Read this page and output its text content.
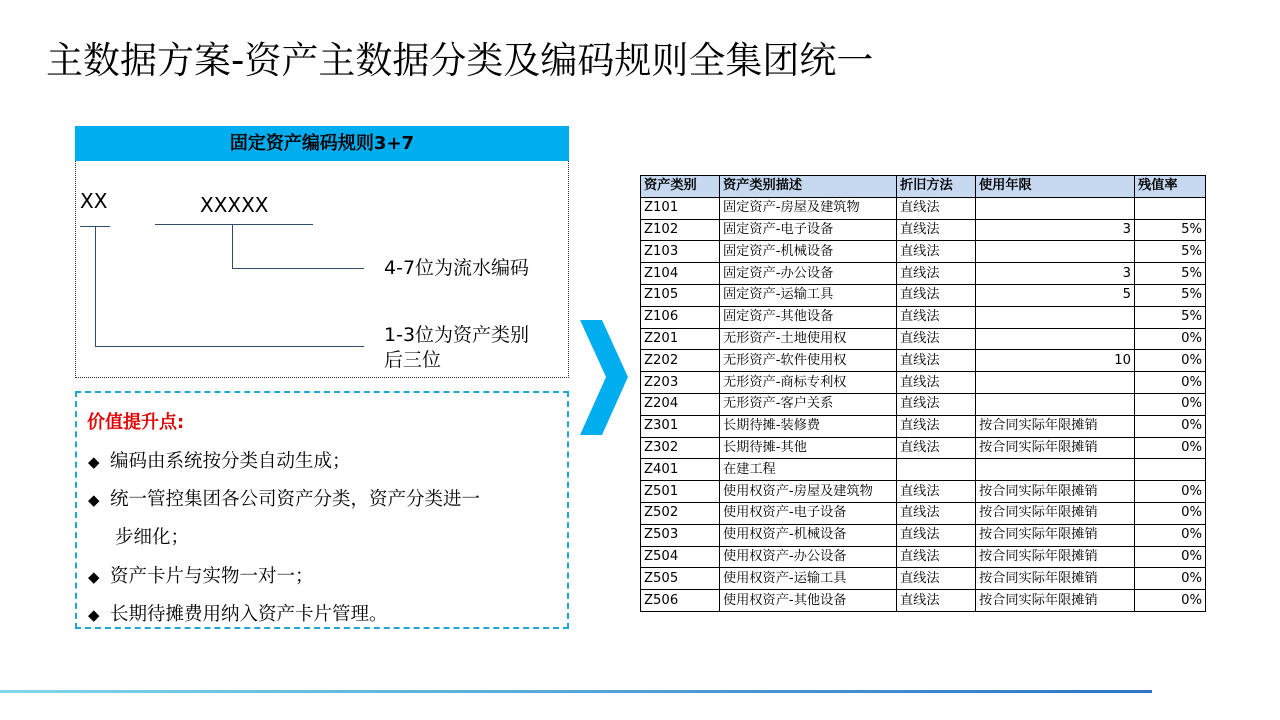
主数据方案-资产主数据分类及编码规则全集团统一
固定资产编码规则3+7
XX	XXXXX
4-7位为流水编码
1-3位为资产类别
后三位
价值提升点:
◆ 编码由系统按分类自动生成；
◆ 统一管控集团各公司资产分类，资产分类进一
步细化；
◆ 资产卡片与实物一对一；
◆ 长期待摊费用纳入资产卡片管理。
资产类别	资产类别描述	折旧方法	使用年限	残值率
Z101	固定资产-房屋及建筑物	直线法		
Z102	固定资产-电子设备	直线法	3	5%
Z103	固定资产-机械设备	直线法		5%
Z104	固定资产-办公设备	直线法	3	5%
Z105	固定资产-运输工具	直线法	5	5%
Z106	固定资产-其他设备	直线法		5%
Z201	无形资产-土地使用权	直线法		0%
Z202	无形资产-软件使用权	直线法	10	0%
Z203	无形资产-商标专利权	直线法		0%
Z204	无形资产-客户关系	直线法		0%
Z301	长期待摊-装修费	直线法	按合同实际年限摊销	0%
Z302	长期待摊-其他	直线法	按合同实际年限摊销	0%
Z401	在建工程			
Z501	使用权资产-房屋及建筑物	直线法	按合同实际年限摊销	0%
Z502	使用权资产-电子设备	直线法	按合同实际年限摊销	0%
Z503	使用权资产-机械设备	直线法	按合同实际年限摊销	0%
Z504	使用权资产-办公设备	直线法	按合同实际年限摊销	0%
Z505	使用权资产-运输工具	直线法	按合同实际年限摊销	0%
Z506	使用权资产-其他设备	直线法	按合同实际年限摊销	0%
